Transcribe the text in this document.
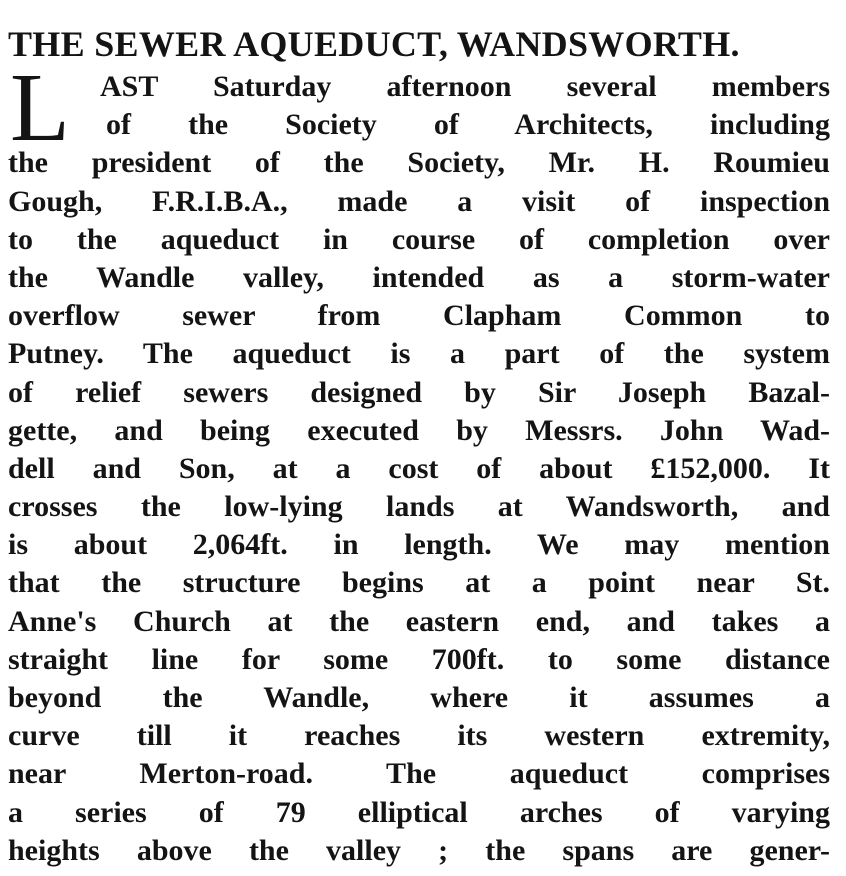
THE SEWER AQUEDUCT, WANDSWORTH.
L AST Saturday afternoon several members
of the Society of Architects, including
the president of the Society, Mr. H. Roumieu
Gough, F.R.I.B.A., made a visit of inspection
to the aqueduct in course of completion over
the Wandle valley, intended as a storm-water
overflow sewer from Clapham Common to
Putney. The aqueduct is a part of the system
of relief sewers designed by Sir Joseph Bazal-
gette, and being executed by Messrs. John Wad-
dell and Son, at a cost of about £152,000. It
crosses the low-lying lands at Wandsworth, and
is about 2,064ft. in length. We may mention
that the structure begins at a point near St.
Anne's Church at the eastern end, and takes a
straight line for some 700ft. to some distance
beyond the Wandle, where it assumes a
curve till it reaches its western extremity,
near Merton-road. The aqueduct comprises
a series of 79 elliptical arches of varying
heights above the valley ; the spans are gener-
